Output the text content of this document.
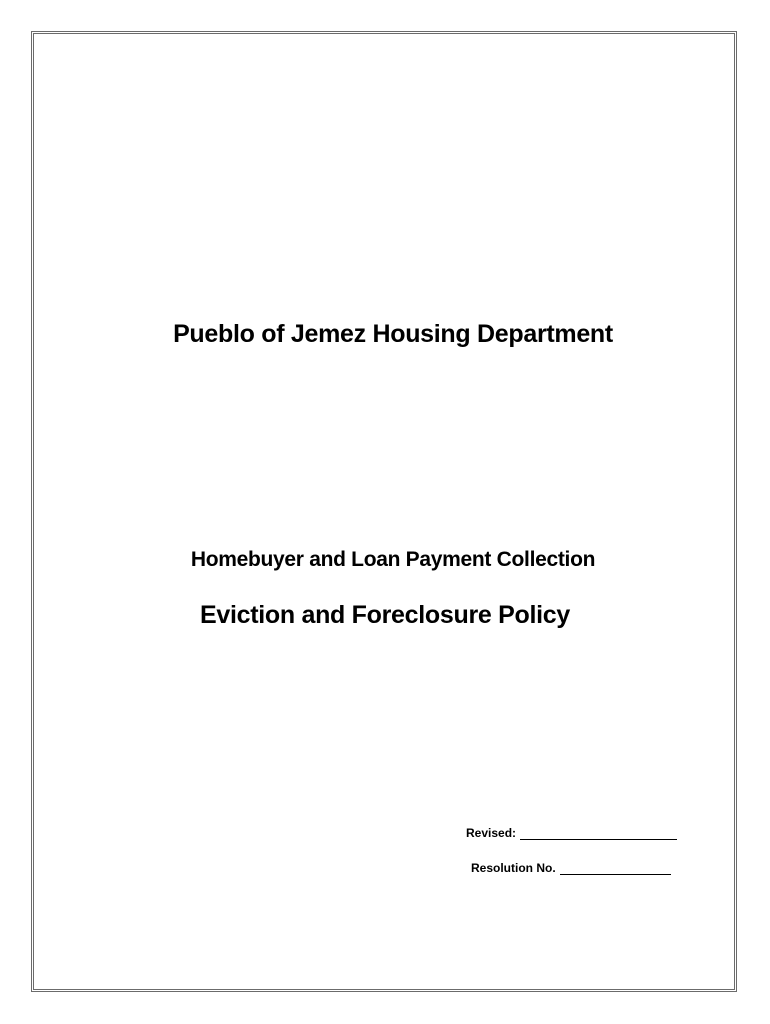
Pueblo of Jemez Housing Department
Homebuyer and Loan Payment Collection
Eviction and Foreclosure Policy
Revised:
Resolution No.
